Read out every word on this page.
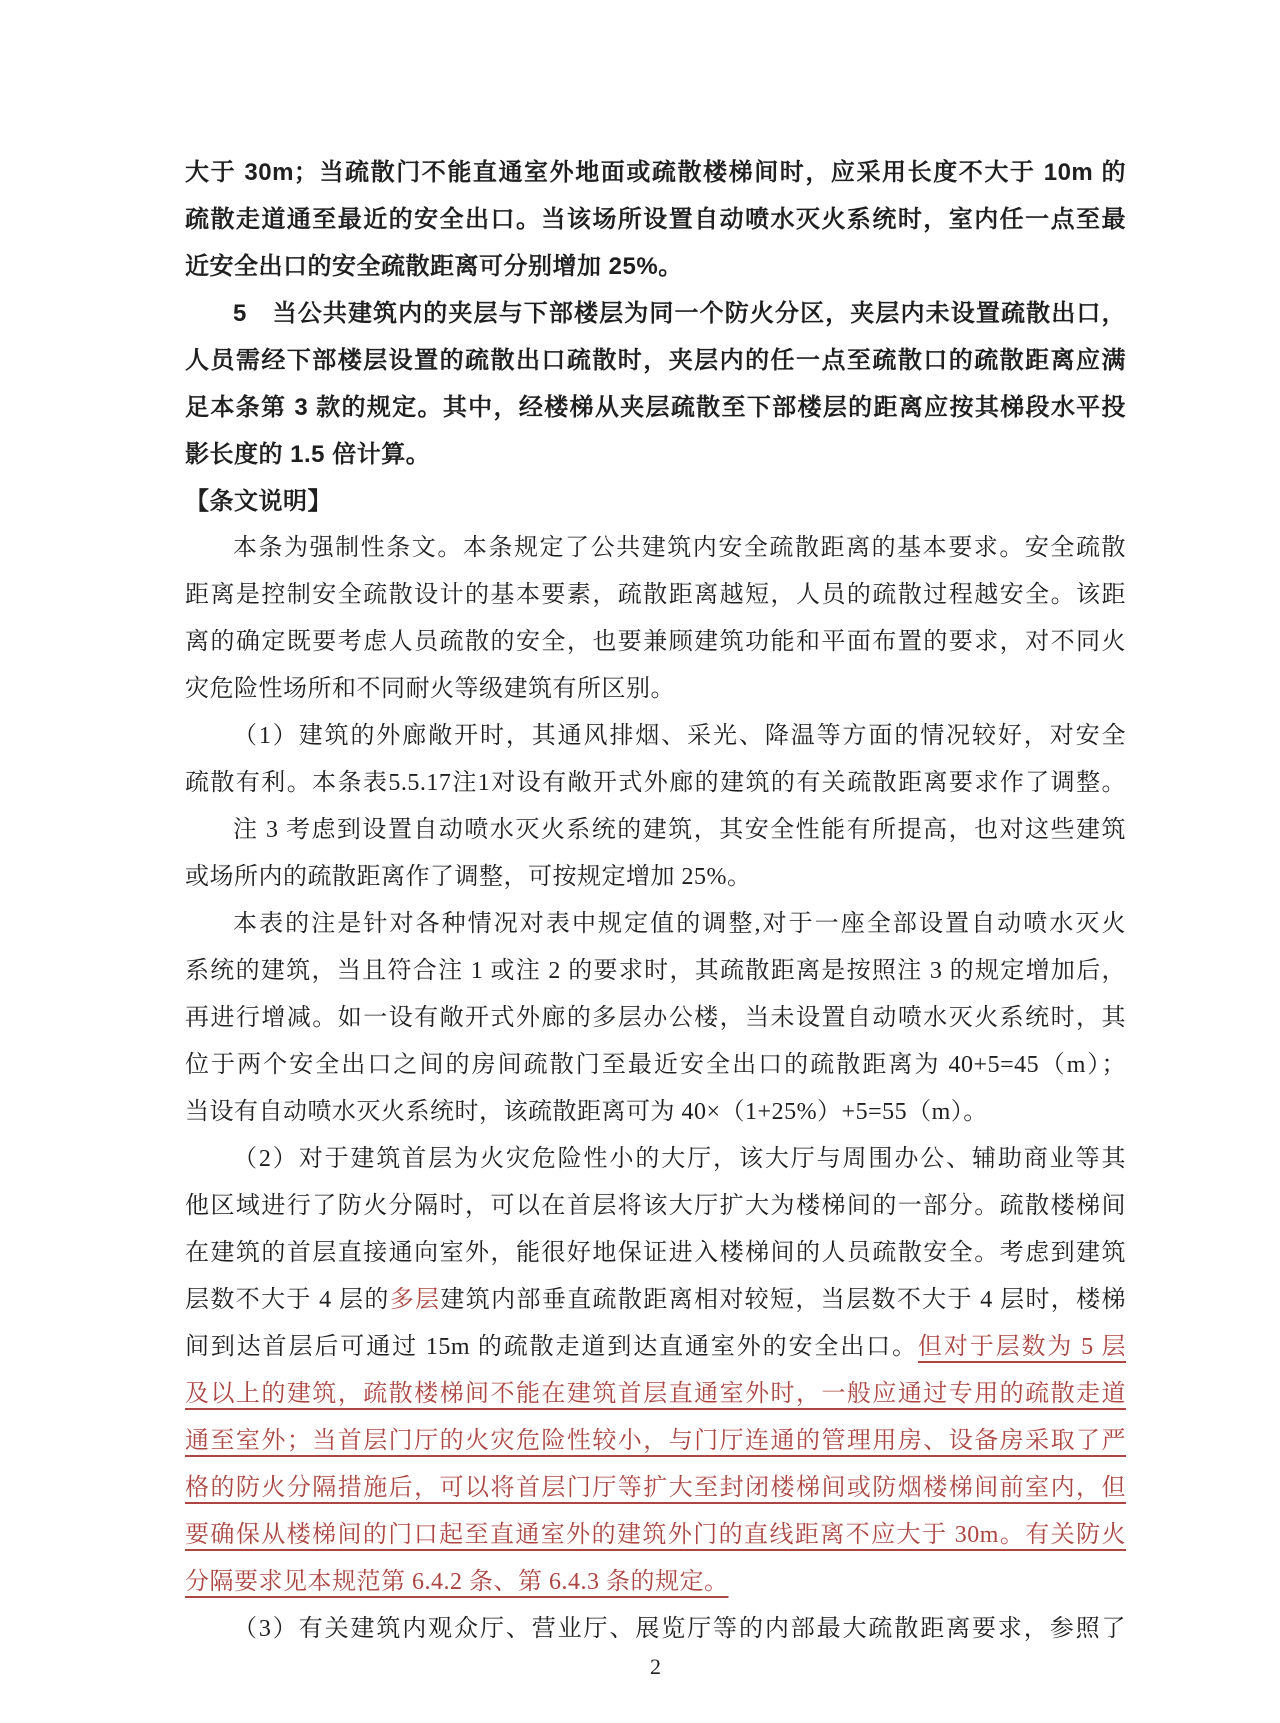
大于 30m；当疏散门不能直通室外地面或疏散楼梯间时，应采用长度不大于 10m 的
疏散走道通至最近的安全出口。当该场所设置自动喷水灭火系统时，室内任一点至最
近安全出口的安全疏散距离可分别增加 25%。
5　当公共建筑内的夹层与下部楼层为同一个防火分区，夹层内未设置疏散出口，
人员需经下部楼层设置的疏散出口疏散时，夹层内的任一点至疏散口的疏散距离应满
足本条第 3 款的规定。其中，经楼梯从夹层疏散至下部楼层的距离应按其梯段水平投
影长度的 1.5 倍计算。
【条文说明】
本条为强制性条文。本条规定了公共建筑内安全疏散距离的基本要求。安全疏散
距离是控制安全疏散设计的基本要素，疏散距离越短，人员的疏散过程越安全。该距
离的确定既要考虑人员疏散的安全，也要兼顾建筑功能和平面布置的要求，对不同火
灾危险性场所和不同耐火等级建筑有所区别。
（1）建筑的外廊敞开时，其通风排烟、采光、降温等方面的情况较好，对安全
疏散有利。本条表5.5.17注1对设有敞开式外廊的建筑的有关疏散距离要求作了调整。
注 3 考虑到设置自动喷水灭火系统的建筑，其安全性能有所提高，也对这些建筑
或场所内的疏散距离作了调整，可按规定增加 25%。
本表的注是针对各种情况对表中规定值的调整,对于一座全部设置自动喷水灭火
系统的建筑，当且符合注 1 或注 2 的要求时，其疏散距离是按照注 3 的规定增加后，
再进行增减。如一设有敞开式外廊的多层办公楼，当未设置自动喷水灭火系统时，其
位于两个安全出口之间的房间疏散门至最近安全出口的疏散距离为 40+5=45（m）；
当设有自动喷水灭火系统时，该疏散距离可为 40×（1+25%）+5=55（m）。
（2）对于建筑首层为火灾危险性小的大厅，该大厅与周围办公、辅助商业等其
他区域进行了防火分隔时，可以在首层将该大厅扩大为楼梯间的一部分。疏散楼梯间
在建筑的首层直接通向室外，能很好地保证进入楼梯间的人员疏散安全。考虑到建筑
层数不大于 4 层的多层建筑内部垂直疏散距离相对较短，当层数不大于 4 层时，楼梯
间到达首层后可通过 15m 的疏散走道到达直通室外的安全出口。但对于层数为 5 层
及以上的建筑，疏散楼梯间不能在建筑首层直通室外时，一般应通过专用的疏散走道
通至室外；当首层门厅的火灾危险性较小，与门厅连通的管理用房、设备房采取了严
格的防火分隔措施后，可以将首层门厅等扩大至封闭楼梯间或防烟楼梯间前室内，但
要确保从楼梯间的门口起至直通室外的建筑外门的直线距离不应大于 30m。有关防火
分隔要求见本规范第 6.4.2 条、第 6.4.3 条的规定。
（3）有关建筑内观众厅、营业厅、展览厅等的内部最大疏散距离要求，参照了
2
